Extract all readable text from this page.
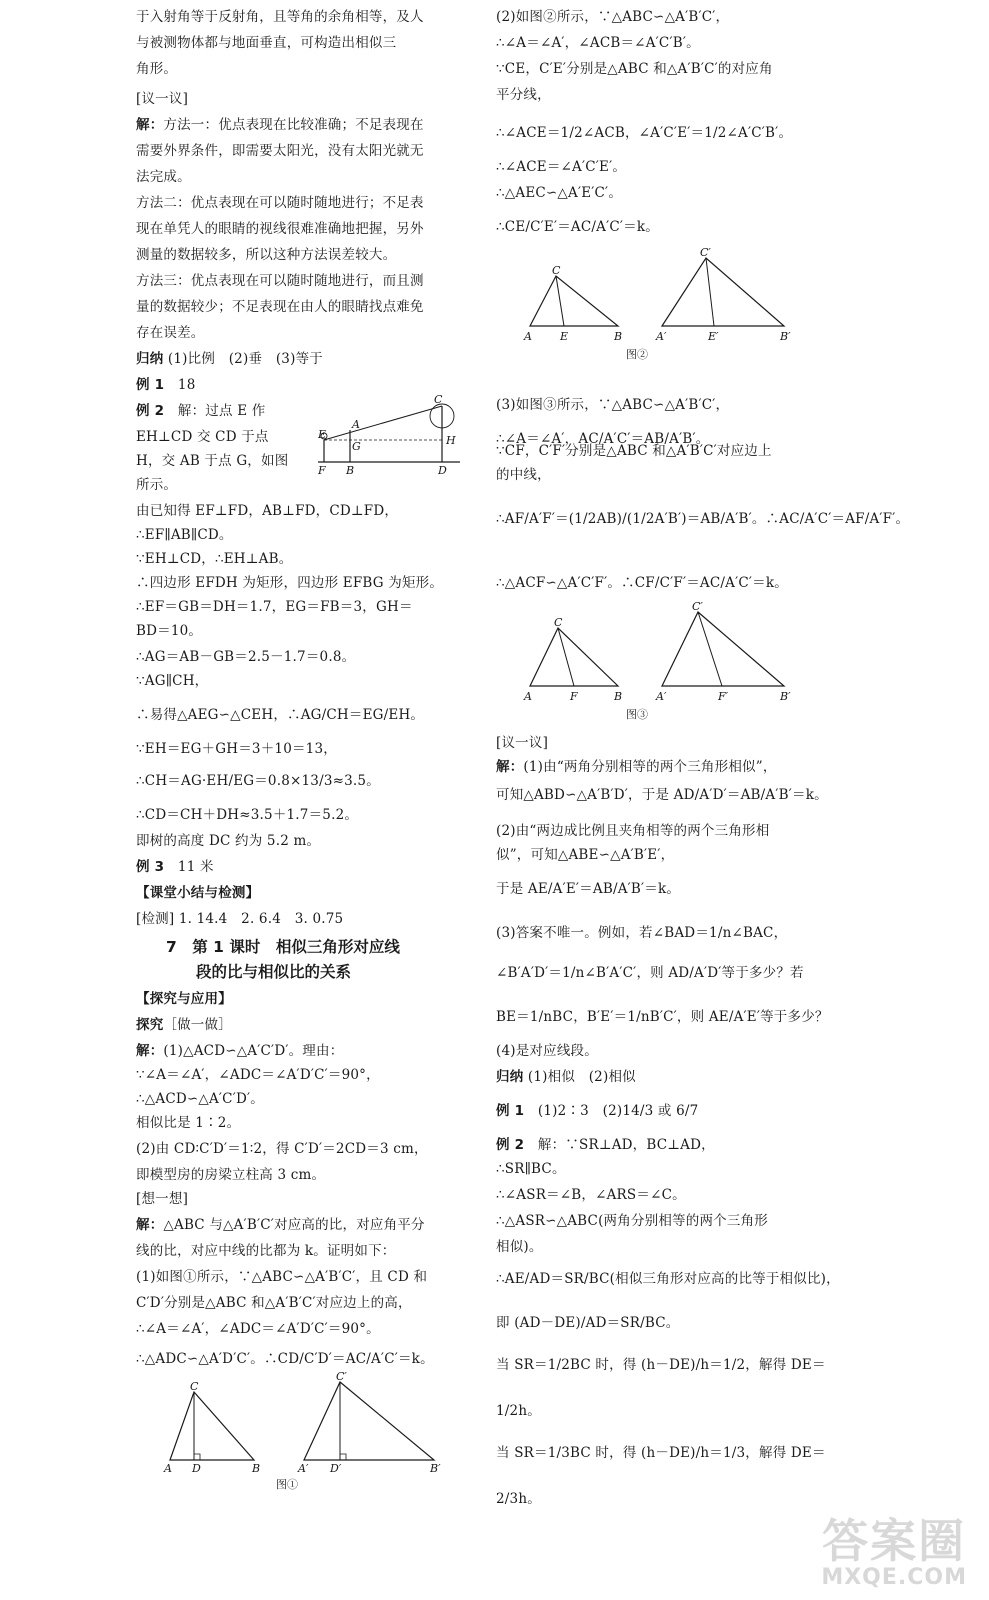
于入射角等于反射角，且等角的余角相等，及人
与被测物体都与地面垂直，可构造出相似三
角形。
[议一议]
解：方法一：优点表现在比较准确；不足表现在
需要外界条件，即需要太阳光，没有太阳光就无
法完成。
方法二：优点表现在可以随时随地进行；不足表
现在单凭人的眼睛的视线很难准确地把握，另外
测量的数据较多，所以这种方法误差较大。
方法三：优点表现在可以随时随地进行，而且测
量的数据较少；不足表现在由人的眼睛找点难免
存在误差。
归纳 (1)比例　(2)垂　(3)等于
例 1　18
例 2　解：过点 E 作
EH⊥CD 交 CD 于点
H，交 AB 于点 G，如图
所示。
E
A
C
G	H
F B	D
由已知得 EF⊥FD，AB⊥FD，CD⊥FD，
∴EF∥AB∥CD。
∵EH⊥CD，∴EH⊥AB。
∴四边形 EFDH 为矩形，四边形 EFBG 为矩形。
∴EF＝GB＝DH＝1.7，EG＝FB＝3，GH＝
BD＝10。
∴AG＝AB－GB＝2.5－1.7＝0.8。
∵AG∥CH，
∴易得△AEG∽△CEH，∴AG/CH＝EG/EH。
∵EH＝EG＋GH＝3＋10＝13，
∴CH＝AG·EH/EG＝0.8×13/3≈3.5。
∴CD＝CH＋DH≈3.5＋1.7＝5.2。
即树的高度 DC 约为 5.2 m。
例 3　11 米
【课堂小结与检测】
[检测] 1. 14.4　2. 6.4　3. 0.75
7　第 1 课时　相似三角形对应线
段的比与相似比的关系
【探究与应用】
探究［做一做］
解：(1)△ACD∽△A′C′D′。理由：
∵∠A＝∠A′，∠ADC＝∠A′D′C′＝90°，
∴△ACD∽△A′C′D′。
相似比是 1∶2。
(2)由 CD∶C′D′＝1∶2，得 C′D′＝2CD＝3 cm，
即模型房的房梁立柱高 3 cm。
[想一想]
解：△ABC 与△A′B′C′对应高的比，对应角平分
线的比，对应中线的比都为 k。证明如下：
(1)如图①所示，∵△ABC∽△A′B′C′，且 CD 和
C′D′分别是△ABC 和△A′B′C′对应边上的高，
∴∠A＝∠A′，∠ADC＝∠A′D′C′＝90°。
∴△ADC∽△A′D′C′。∴CD/C′D′＝AC/A′C′＝k。
A D	B
C
A′ D′	B′
C′
图①
(2)如图②所示，∵△ABC∽△A′B′C′，
∴∠A＝∠A′，∠ACB＝∠A′C′B′。
∵CE，C′E′分别是△ABC 和△A′B′C′的对应角
平分线，
∴∠ACE＝1/2∠ACB，∠A′C′E′＝1/2∠A′C′B′。
∴∠ACE＝∠A′C′E′。
∴△AEC∽△A′E′C′。
∴CE/C′E′＝AC/A′C′＝k。
A	E	B
C
A′	E′	B′
C′
图②
(3)如图③所示，∵△ABC∽△A′B′C′，
∴∠A＝∠A′，AC/A′C′＝AB/A′B′。
∵CF，C′F′分别是△ABC 和△A′B′C′对应边上
的中线，
∴AF/A′F′＝(1/2AB)/(1/2A′B′)＝AB/A′B′。∴AC/A′C′＝AF/A′F′。
∴△ACF∽△A′C′F′。∴CF/C′F′＝AC/A′C′＝k。
A	F	B
C
A′	F′	B′
C′
图③
[议一议]
解：(1)由“两角分别相等的两个三角形相似”，
可知△ABD∽△A′B′D′，于是 AD/A′D′＝AB/A′B′＝k。
(2)由“两边成比例且夹角相等的两个三角形相
似”，可知△ABE∽△A′B′E′，
于是 AE/A′E′＝AB/A′B′＝k。
(3)答案不唯一。例如，若∠BAD＝1/n∠BAC，
∠B′A′D′＝1/n∠B′A′C′，则 AD/A′D′等于多少？若
BE＝1/nBC，B′E′＝1/nB′C′，则 AE/A′E′等于多少？
(4)是对应线段。
归纳 (1)相似　(2)相似
例 1　(1)2∶3　(2)14/3 或 6/7
例 2　解：∵SR⊥AD，BC⊥AD，
∴SR∥BC。
∴∠ASR＝∠B，∠ARS＝∠C。
∴△ASR∽△ABC(两角分别相等的两个三角形
相似)。
∴AE/AD＝SR/BC(相似三角形对应高的比等于相似比)，
即 (AD－DE)/AD＝SR/BC。
当 SR＝1/2BC 时，得 (h－DE)/h＝1/2，解得 DE＝
1/2h。
当 SR＝1/3BC 时，得 (h－DE)/h＝1/3，解得 DE＝
2/3h。
答案圈
MXQE.COM
